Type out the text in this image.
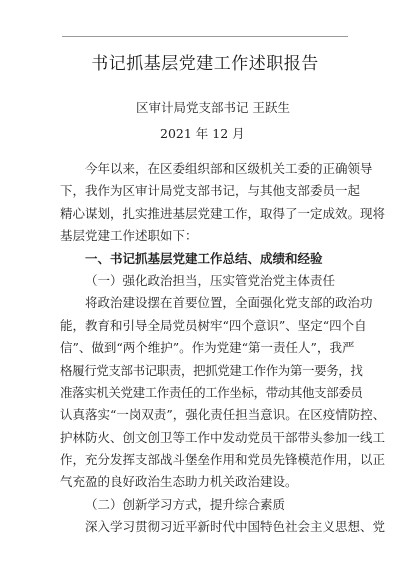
书记抓基层党建工作述职报告
区审计局党支部书记 王跃生
2021 年 12 月
今年以来，在区委组织部和区级机关工委的正确领导
下，我作为区审计局党支部书记，与其他支部委员一起
精心谋划，扎实推进基层党建工作，取得了一定成效。现将
基层党建工作述职如下：
一、书记抓基层党建工作总结、成绩和经验
（一）强化政治担当，压实管党治党主体责任
将政治建设摆在首要位置，全面强化党支部的政治功
能，教育和引导全局党员树牢“四个意识”、坚定“四个自
信”、做到“两个维护”。作为党建“第一责任人”，我严
格履行党支部书记职责，把抓党建工作作为第一要务，找
准落实机关党建工作责任的工作坐标，带动其他支部委员
认真落实“一岗双责”，强化责任担当意识。在区疫情防控、
护林防火、创文创卫等工作中发动党员干部带头参加一线工
作，充分发挥支部战斗堡垒作用和党员先锋模范作用，以正
气充盈的良好政治生态助力机关政治建设。
（二）创新学习方式，提升综合素质
深入学习贯彻习近平新时代中国特色社会主义思想、党
